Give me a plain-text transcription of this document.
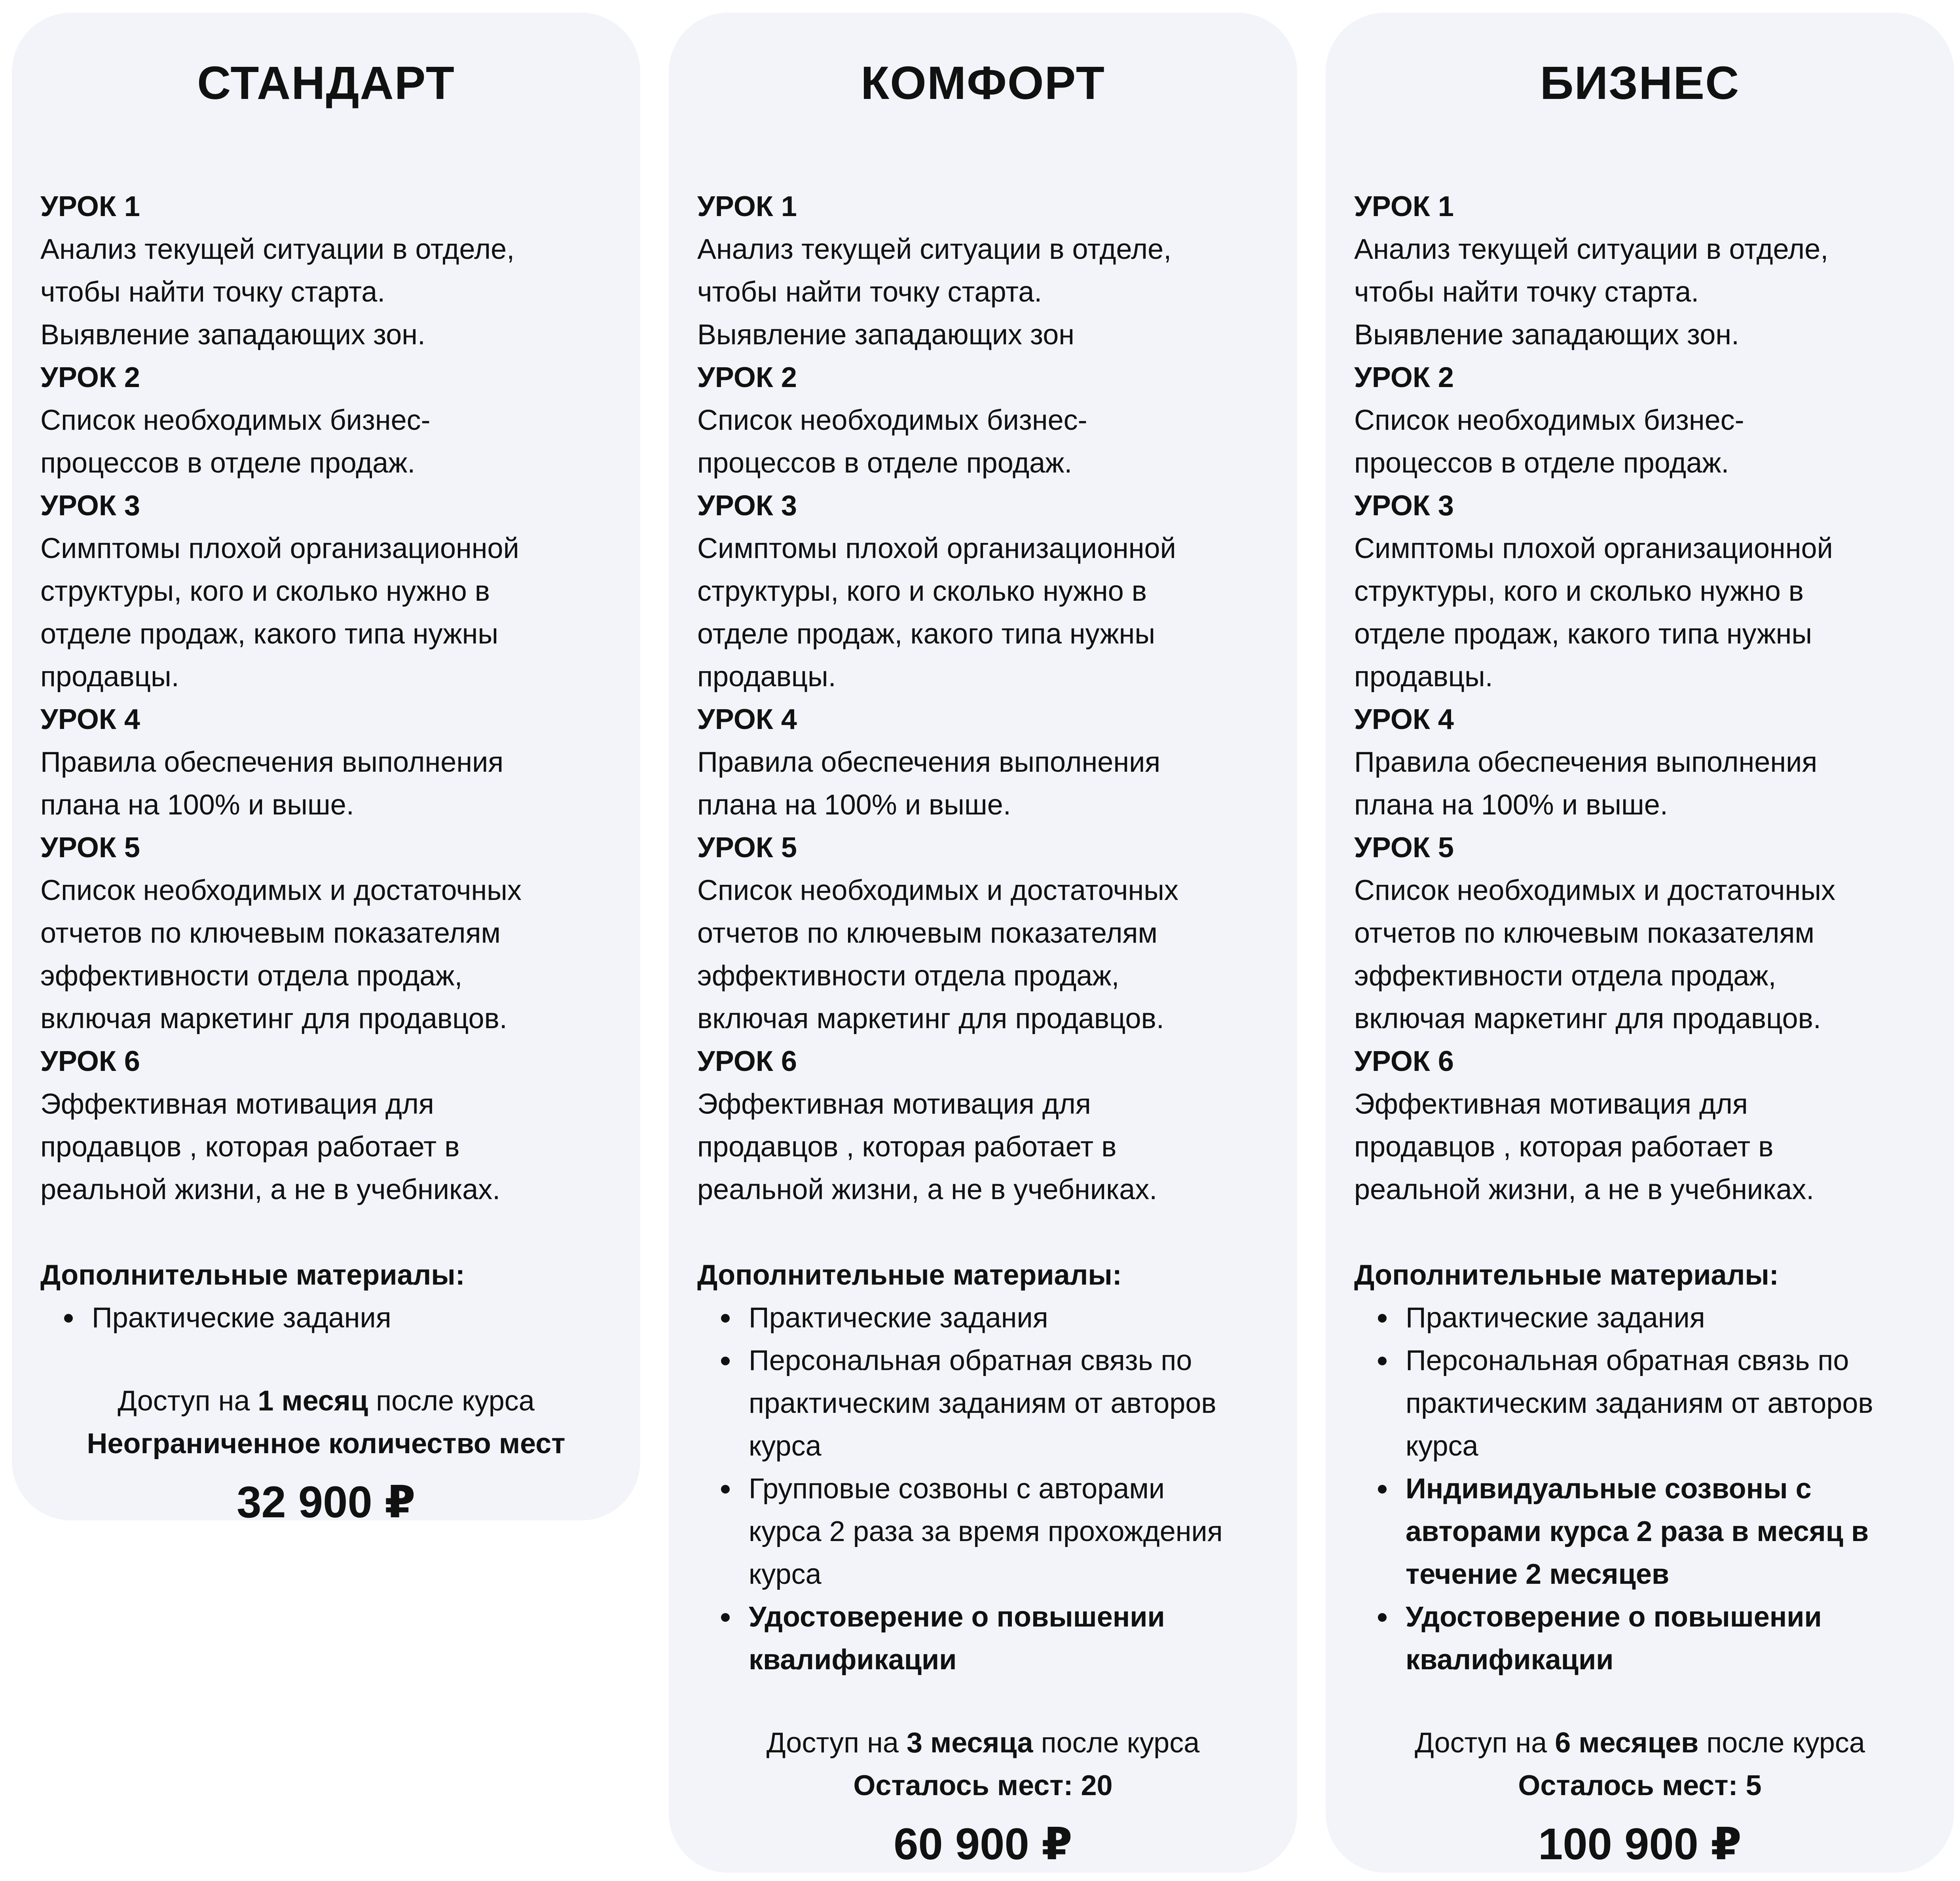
СТАНДАРТ
УРОК 1
Анализ текущей ситуации в отделе,
чтобы найти точку старта.
Выявление западающих зон.
УРОК 2
Список необходимых бизнес-
процессов в отделе продаж.
УРОК 3
Симптомы плохой организационной
структуры, кого и сколько нужно в
отделе продаж, какого типа нужны
продавцы.
УРОК 4
Правила обеспечения выполнения
плана на 100% и выше.
УРОК 5
Список необходимых и достаточных
отчетов по ключевым показателям
эффективности отдела продаж,
включая маркетинг для продавцов.
УРОК 6
Эффективная мотивация для
продавцов , которая работает в
реальной жизни, а не в учебниках.
Дополнительные материалы:
Практические задания
Доступ на 1 месяц после курса
Неограниченное количество мест
32 900 ₽
КОМФОРТ
УРОК 1
Анализ текущей ситуации в отделе,
чтобы найти точку старта.
Выявление западающих зон
УРОК 2
Список необходимых бизнес-
процессов в отделе продаж.
УРОК 3
Симптомы плохой организационной
структуры, кого и сколько нужно в
отделе продаж, какого типа нужны
продавцы.
УРОК 4
Правила обеспечения выполнения
плана на 100% и выше.
УРОК 5
Список необходимых и достаточных
отчетов по ключевым показателям
эффективности отдела продаж,
включая маркетинг для продавцов.
УРОК 6
Эффективная мотивация для
продавцов , которая работает в
реальной жизни, а не в учебниках.
Дополнительные материалы:
Практические задания
Персональная обратная связь по
практическим заданиям от авторов
курса
Групповые созвоны с авторами
курса 2 раза за время прохождения
курса
Удостоверение о повышении
квалификации
Доступ на 3 месяца после курса
Осталось мест: 20
60 900 ₽
БИЗНЕС
УРОК 1
Анализ текущей ситуации в отделе,
чтобы найти точку старта.
Выявление западающих зон.
УРОК 2
Список необходимых бизнес-
процессов в отделе продаж.
УРОК 3
Симптомы плохой организационной
структуры, кого и сколько нужно в
отделе продаж, какого типа нужны
продавцы.
УРОК 4
Правила обеспечения выполнения
плана на 100% и выше.
УРОК 5
Список необходимых и достаточных
отчетов по ключевым показателям
эффективности отдела продаж,
включая маркетинг для продавцов.
УРОК 6
Эффективная мотивация для
продавцов , которая работает в
реальной жизни, а не в учебниках.
Дополнительные материалы:
Практические задания
Персональная обратная связь по
практическим заданиям от авторов
курса
Индивидуальные созвоны с
авторами курса 2 раза в месяц в
течение 2 месяцев
Удостоверение о повышении
квалификации
Доступ на 6 месяцев после курса
Осталось мест: 5
100 900 ₽
